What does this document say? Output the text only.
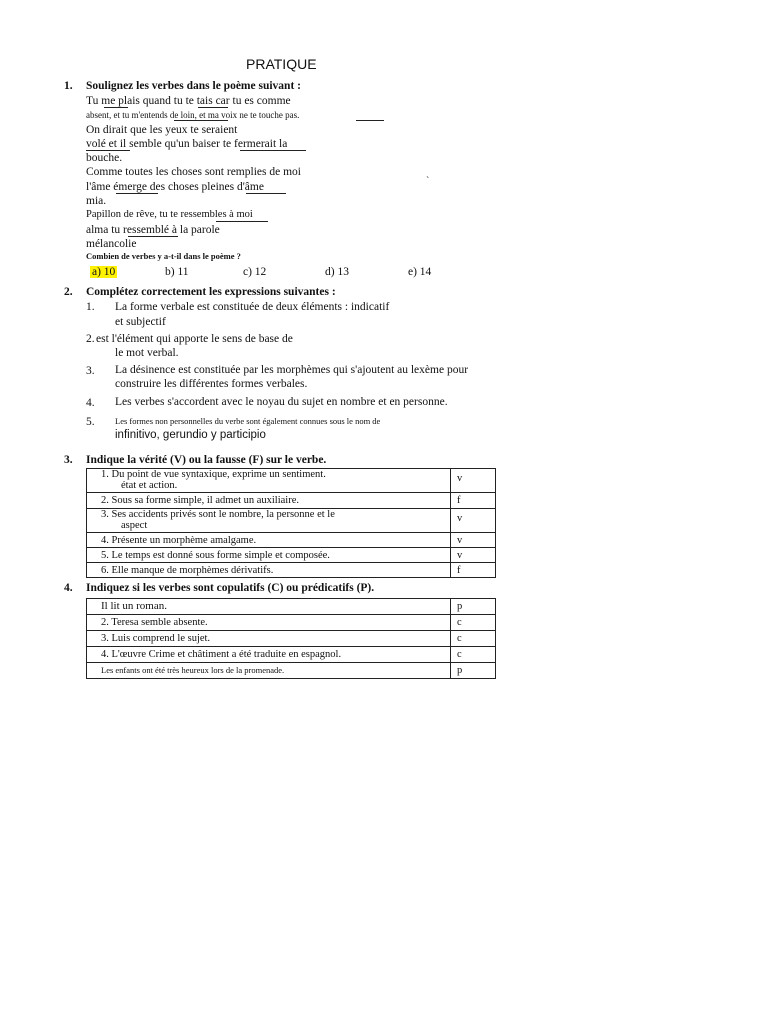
PRATIQUE
1. Soulignez les verbes dans le poème suivant :
Tu me plais quand tu te tais car tu es comme
absent, et tu m'entends de loin, et ma voix ne te touche pas.
On dirait que les yeux te seraient
volé et il semble qu'un baiser te fermerait la
bouche.
Comme toutes les choses sont remplies de moi
l'âme émerge des choses pleines d'âme
mia.
Papillon de rêve, tu te ressembles à moi
alma tu ressemblé à la parole
mélancolie
Combien de verbes y a-t-il dans le poème ?
`
a) 10	b) 11	c) 12	d) 13	e) 14
2. Complétez correctement les expressions suivantes :
1. La forme verbale est constituée de deux éléments : indicatif
et subjectif
2. est l'élément qui apporte le sens de base de
le mot verbal.
3. La désinence est constituée par les morphèmes qui s'ajoutent au lexème pour
construire les différentes formes verbales.
4. Les verbes s'accordent avec le noyau du sujet en nombre et en personne.
5. Les formes non personnelles du verbe sont également connues sous le nom de
infinitivo, gerundio y participio
3. Indique la vérité (V) ou la fausse (F) sur le verbe.
1. Du point de vue syntaxique, exprime un sentiment.
état et action.	v

2. Sous sa forme simple, il admet un auxiliaire.	f

3. Ses accidents privés sont le nombre, la personne et le
aspect	v

4. Présente un morphème amalgame.	v

5. Le temps est donné sous forme simple et composée.	v

6. Elle manque de morphèmes dérivatifs.	f
4. Indiquez si les verbes sont copulatifs (C) ou prédicatifs (P).
Il lit un roman.	p

2. Teresa semble absente.	c

3. Luis comprend le sujet.	c

4. L'œuvre Crime et châtiment a été traduite en espagnol.	c

Les enfants ont été très heureux lors de la promenade.	p
